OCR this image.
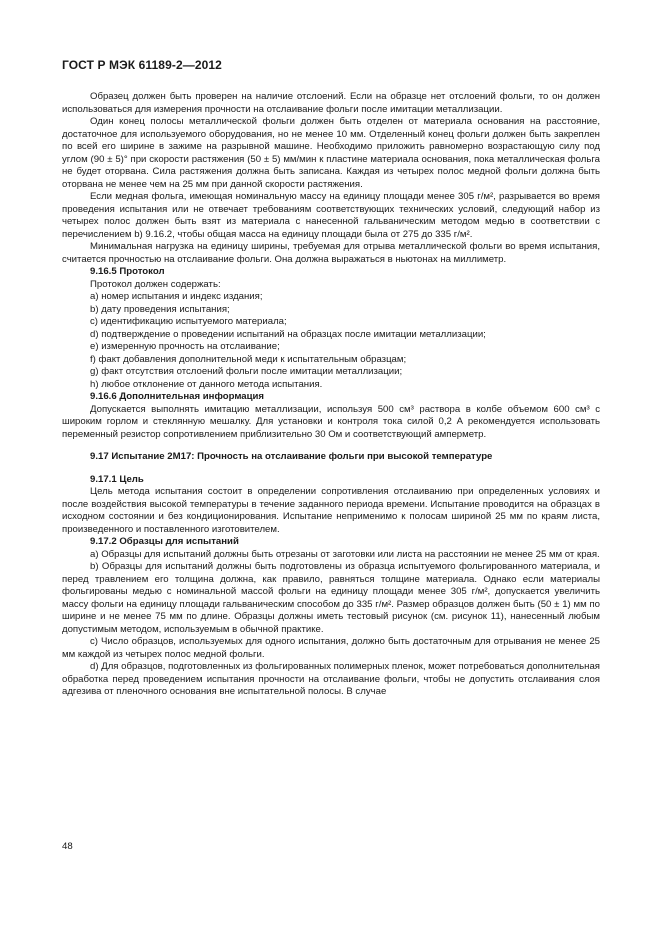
ГОСТ Р МЭК 61189-2—2012

Образец должен быть проверен на наличие отслоений. Если на образце нет отслоений фольги, то он должен использоваться для измерения прочности на отслаивание фольги после имитации металлизации.

Один конец полосы металлической фольги должен быть отделен от материала основания на расстояние, достаточное для используемого оборудования, но не менее 10 мм. Отделенный конец фольги должен быть закреплен по всей его ширине в зажиме на разрывной машине. Необходимо приложить равномерно возрастающую силу под углом (90 ± 5)° при скорости растяжения (50 ± 5) мм/мин к пластине материала основания, пока металлическая фольга не будет оторвана. Сила растяжения должна быть записана. Каждая из четырех полос медной фольги должна быть оторвана не менее чем на 25 мм при данной скорости растяжения.

Если медная фольга, имеющая номинальную массу на единицу площади менее 305 г/м², разрывается во время проведения испытания или не отвечает требованиям соответствующих технических условий, следующий набор из четырех полос должен быть взят из материала с нанесенной гальваническим методом медью в соответствии с перечислением b) 9.16.2, чтобы общая масса на единицу площади была от 275 до 335 г/м².

Минимальная нагрузка на единицу ширины, требуемая для отрыва металлической фольги во время испытания, считается прочностью на отслаивание фольги. Она должна выражаться в ньютонах на миллиметр.

9.16.5 Протокол

Протокол должен содержать:

a) номер испытания и индекс издания;
b) дату проведения испытания;
c) идентификацию испытуемого материала;
d) подтверждение о проведении испытаний на образцах после имитации металлизации;
e) измеренную прочность на отслаивание;
f) факт добавления дополнительной меди к испытательным образцам;
g) факт отсутствия отслоений фольги после имитации металлизации;
h) любое отклонение от данного метода испытания.
9.16.6 Дополнительная информация

Допускается выполнять имитацию металлизации, используя 500 см³ раствора в колбе объемом 600 см³ с широким горлом и стеклянную мешалку. Для установки и контроля тока силой 0,2 А рекомендуется использовать переменный резистор сопротивлением приблизительно 30 Ом и соответствующий амперметр.

9.17 Испытание 2М17: Прочность на отслаивание фольги при высокой температуре
9.17.1 Цель

Цель метода испытания состоит в определении сопротивления отслаиванию при определенных условиях и после воздействия высокой температуры в течение заданного периода времени. Испытание проводится на образцах в исходном состоянии и без кондиционирования. Испытание неприменимо к полосам шириной 25 мм по краям листа, произведенного и поставленного изготовителем.

9.17.2 Образцы для испытаний

a) Образцы для испытаний должны быть отрезаны от заготовки или листа на расстоянии не менее 25 мм от края.

b) Образцы для испытаний должны быть подготовлены из образца испытуемого фольгированного материала, и перед травлением его толщина должна, как правило, равняться толщине материала. Однако если материалы фольгированы медью с номинальной массой фольги на единицу площади менее 305 г/м², допускается увеличить массу фольги на единицу площади гальваническим способом до 335 г/м². Размер образцов должен быть (50 ± 1) мм по ширине и не менее 75 мм по длине. Образцы должны иметь тестовый рисунок (см. рисунок 11), нанесенный любым допустимым методом, используемым в обычной практике.

c) Число образцов, используемых для одного испытания, должно быть достаточным для отрывания не менее 25 мм каждой из четырех полос медной фольги.

d) Для образцов, подготовленных из фольгированных полимерных пленок, может потребоваться дополнительная обработка перед проведением испытания прочности на отслаивание фольги, чтобы не допустить отслаивания слоя адгезива от пленочного основания вне испытательной полосы. В случае

48
